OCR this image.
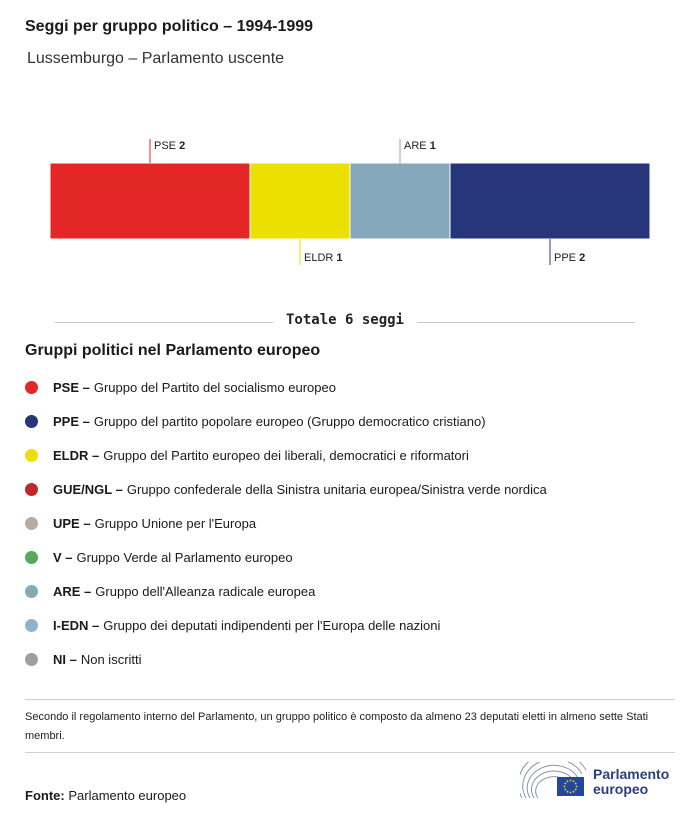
Seggi per gruppo politico – 1994-1999
Lussemburgo – Parlamento uscente
PSE 2
ELDR 1
ARE 1
PPE 2
Totale 6 seggi
Gruppi politici nel Parlamento europeo
PSE – Gruppo del Partito del socialismo europeo
PPE – Gruppo del partito popolare europeo (Gruppo democratico cristiano)
ELDR – Gruppo del Partito europeo dei liberali, democratici e riformatori
GUE/NGL – Gruppo confederale della Sinistra unitaria europea/Sinistra verde nordica
UPE – Gruppo Unione per l'Europa
V – Gruppo Verde al Parlamento europeo
ARE – Gruppo dell'Alleanza radicale europea
I-EDN – Gruppo dei deputati indipendenti per l'Europa delle nazioni
NI – Non iscritti
Secondo il regolamento interno del Parlamento, un gruppo politico è composto da almeno 23 deputati eletti in almeno sette Stati membri.
Fonte: Parlamento europeo
Parlamento
europeo
